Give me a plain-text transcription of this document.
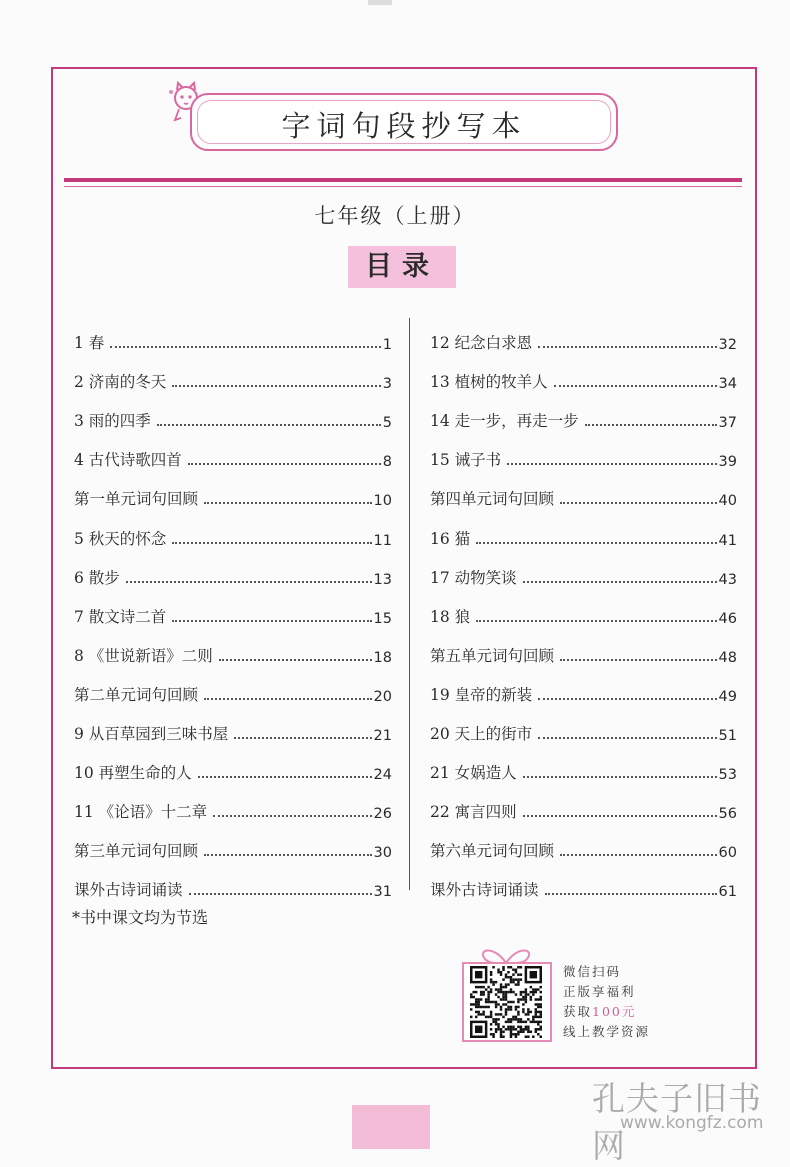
字词句段抄写本
七年级（上册）
目录
1 春	1
2 济南的冬天	3
3 雨的四季	5
4 古代诗歌四首	8
第一单元词句回顾	10
5 秋天的怀念	11
6 散步	13
7 散文诗二首	15
8 《世说新语》二则	18
第二单元词句回顾	20
9 从百草园到三味书屋	21
10 再塑生命的人	24
11 《论语》十二章	26
第三单元词句回顾	30
课外古诗词诵读	31
12 纪念白求恩	32
13 植树的牧羊人	34
14 走一步，再走一步	37
15 诫子书	39
第四单元词句回顾	40
16 猫	41
17 动物笑谈	43
18 狼	46
第五单元词句回顾	48
19 皇帝的新装	49
20 天上的街市	51
21 女娲造人	53
22 寓言四则	56
第六单元词句回顾	60
课外古诗词诵读	61
*书中课文均为节选
微信扫码
正版享福利
获取100元
线上教学资源
孔夫子旧书网
www.kongfz.com
